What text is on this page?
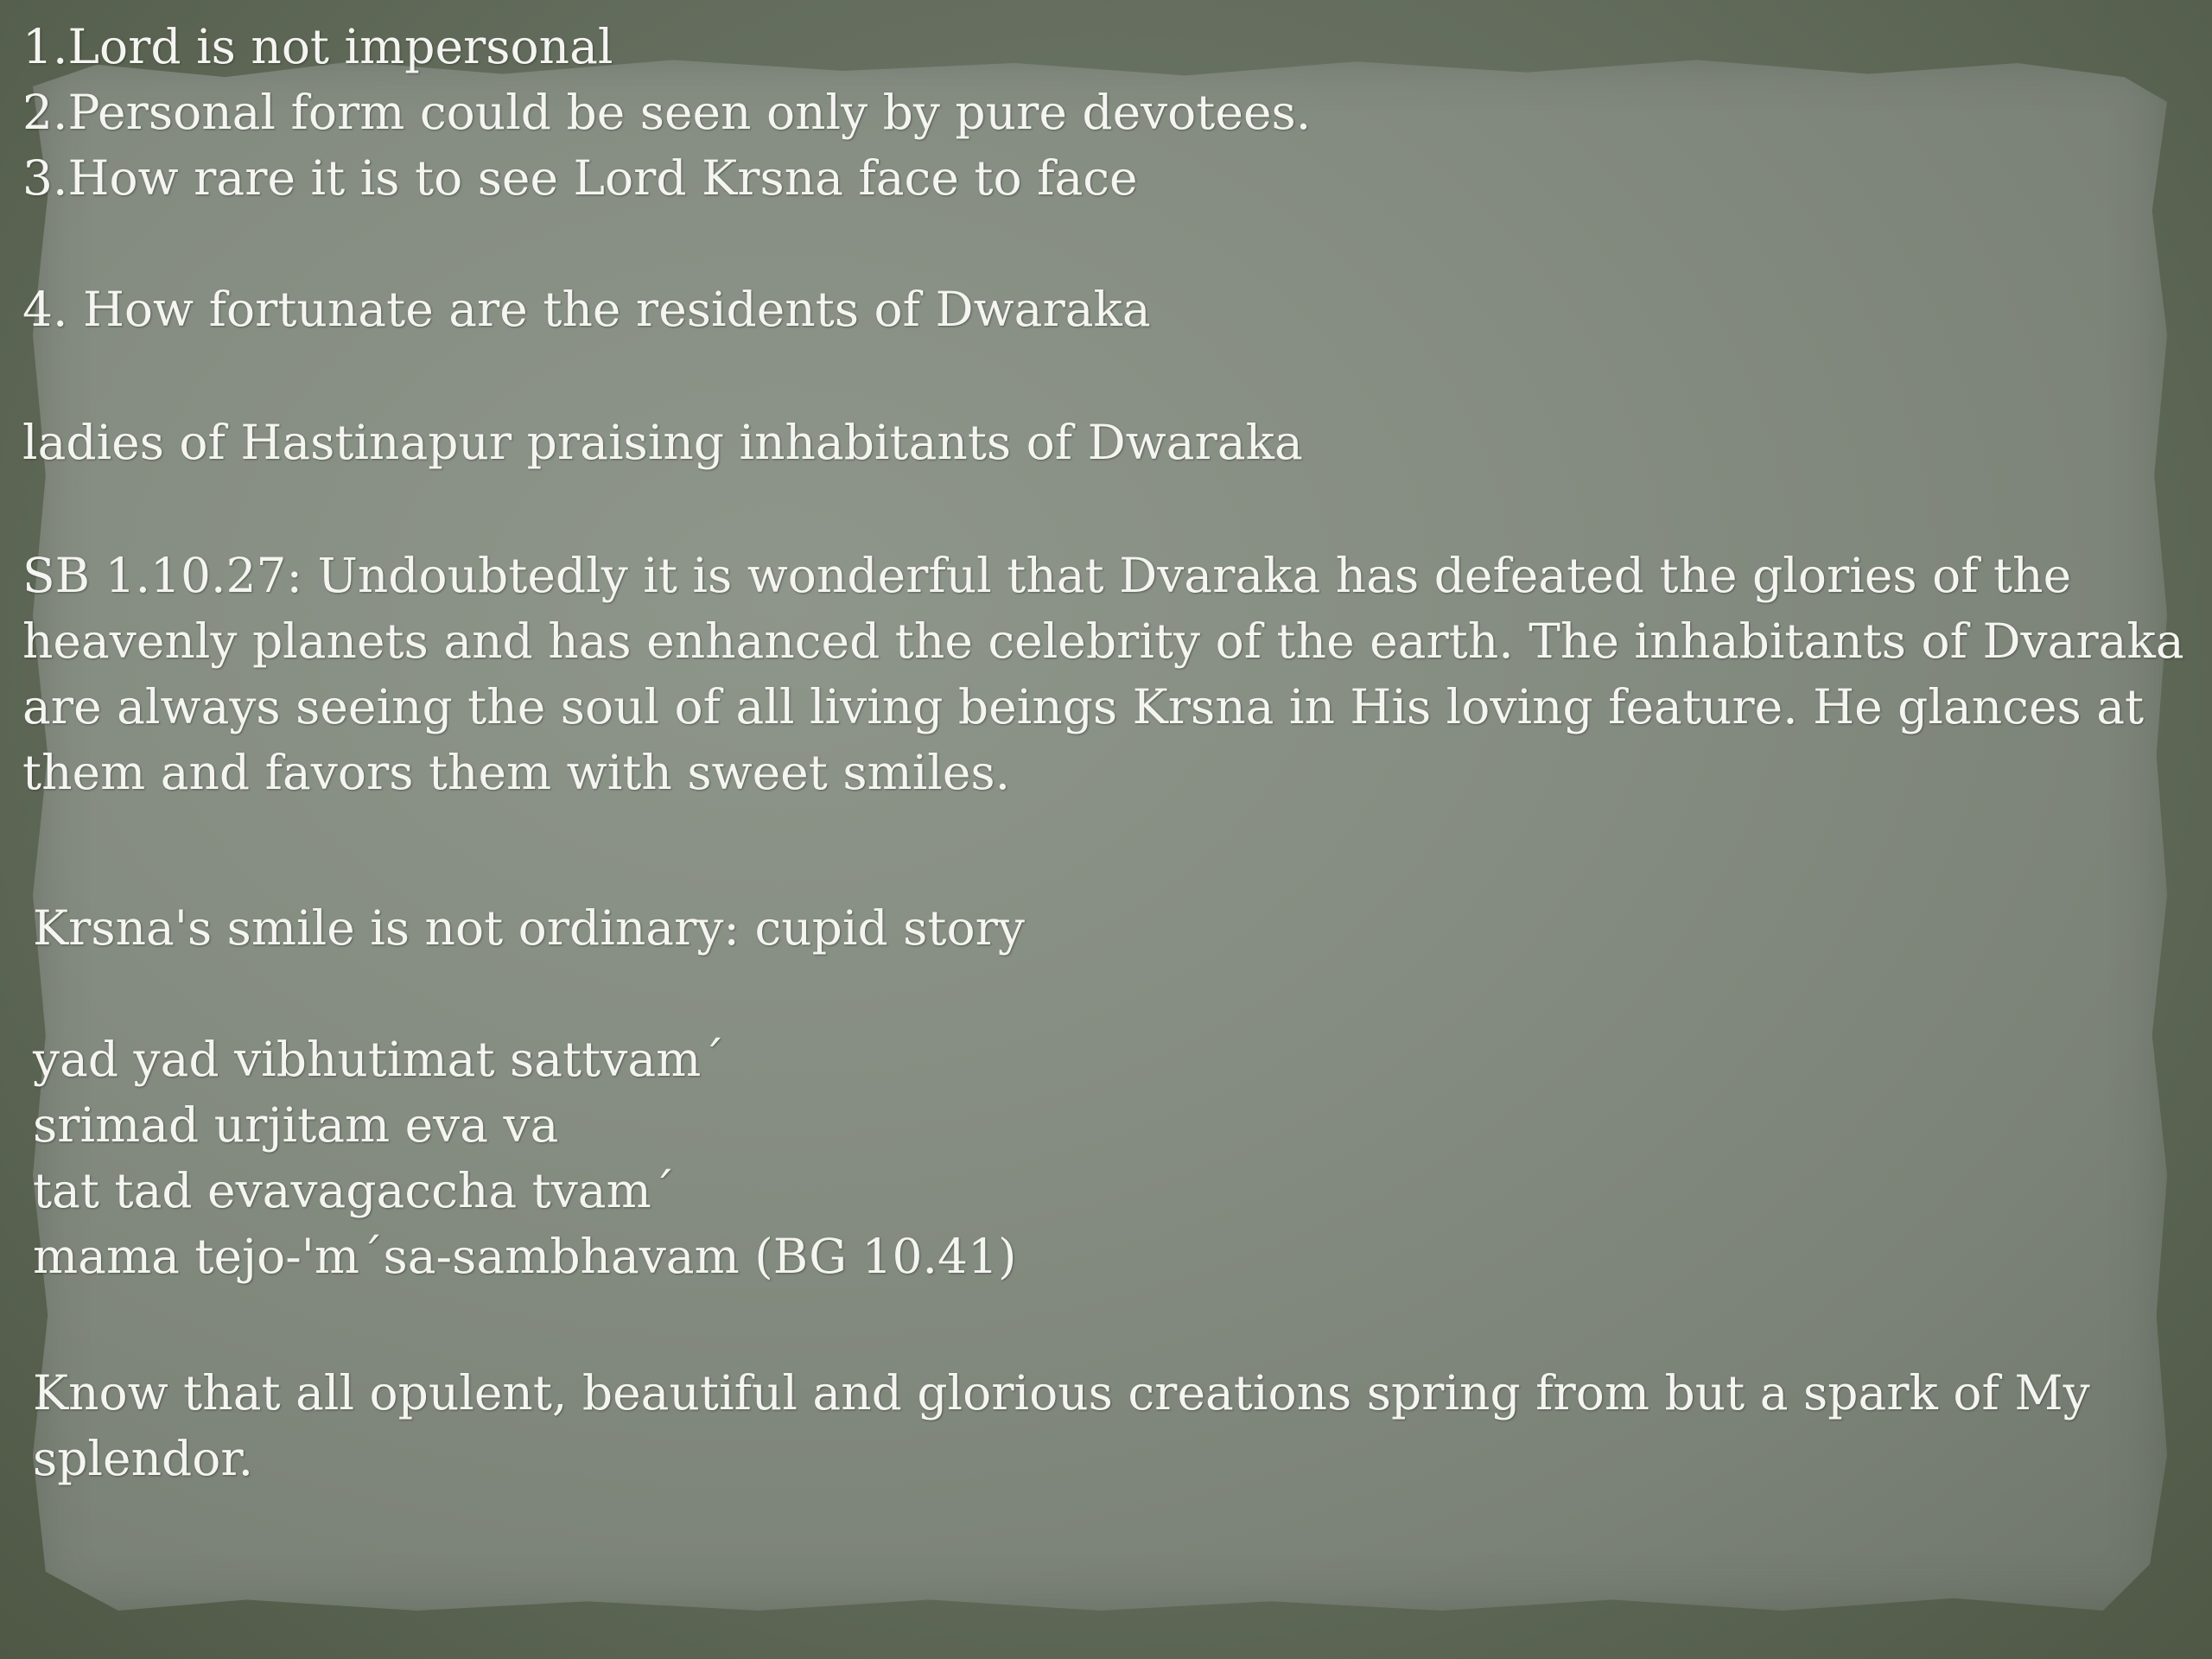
1.Lord is not impersonal

2.Personal form could be seen only by pure devotees.

3.How rare it is to see Lord Krsna face to face

4. How fortunate are the residents of Dwaraka

ladies of Hastinapur praising inhabitants of Dwaraka

SB 1.10.27: Undoubtedly it is wonderful that Dvaraka has defeated the glories of the

heavenly planets and has enhanced the celebrity of the earth. The inhabitants of Dvaraka

are always seeing the soul of all living beings Krsna in His loving feature. He glances at

them and favors them with sweet smiles.

Krsna's smile is not ordinary: cupid story

yad yad vibhutimat sattvam´

srimad urjitam eva va

tat tad evavagaccha tvam´

mama tejo-'m´sa-sambhavam (BG 10.41)

Know that all opulent, beautiful and glorious creations spring from but a spark of My

splendor.
